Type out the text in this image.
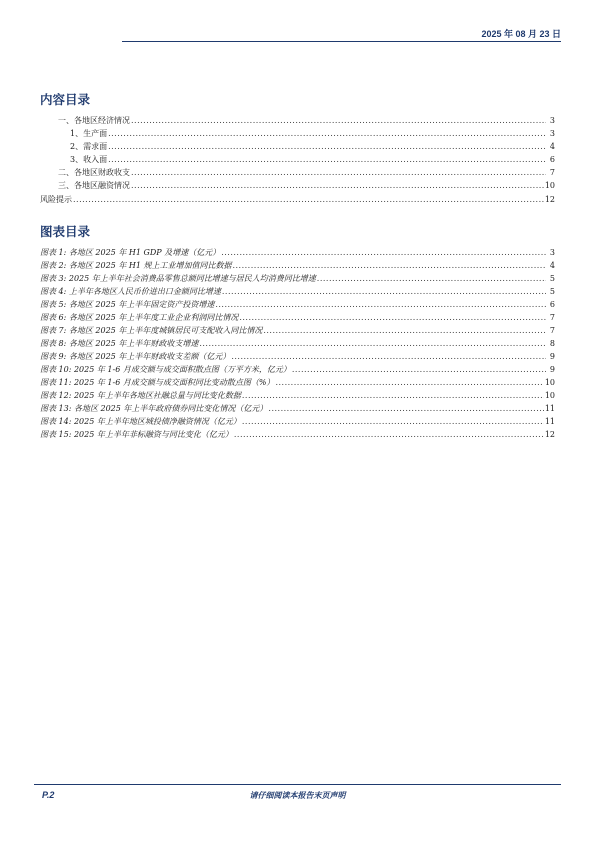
2025 年 08 月 23 日
内容目录
一、各地区经济情况 .....	3
1、生产面 .....	3
2、需求面 .....	4
3、收入面 .....	6
二、各地区财政收支 .....	7
三、各地区融资情况 .....	10
风险提示 .....	12
图表目录
图表 1: 各地区 2025 年 H1 GDP 及增速（亿元） .....	3
图表 2: 各地区 2025 年 H1 规上工业增加值同比数据 .....	4
图表 3: 2025 年上半年社会消费品零售总额同比增速与居民人均消费同比增速 .....	5
图表 4: 上半年各地区人民币价进出口金额同比增速 .....	5
图表 5: 各地区 2025 年上半年固定资产投资增速 .....	6
图表 6: 各地区 2025 年上半年度工业企业利润同比情况 .....	7
图表 7: 各地区 2025 年上半年度城镇居民可支配收入同比情况 .....	7
图表 8: 各地区 2025 年上半年财政收支增速 .....	8
图表 9: 各地区 2025 年上半年财政收支差额（亿元） .....	9
图表 10: 2025 年 1-6 月成交额与成交面积散点图（万平方米，亿元） .....	9
图表 11: 2025 年 1-6 月成交额与成交面积同比变动散点图（%） .....	10
图表 12: 2025 年上半年各地区社融总量与同比变化数据 .....	10
图表 13: 各地区 2025 年上半年政府债券同比变化情况（亿元） .....	11
图表 14: 2025 年上半年地区城投债净融资情况（亿元） .....	11
图表 15: 2025 年上半年非标融资与同比变化（亿元） .....	12
P.2	请仔细阅读本报告末页声明
